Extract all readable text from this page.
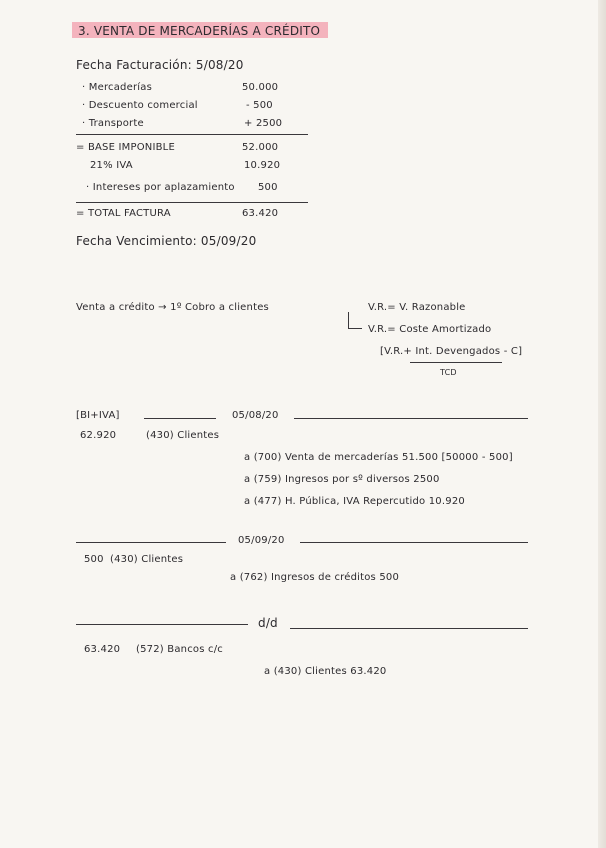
3. VENTA DE MERCADERÍAS A CRÉDITO
Fecha Facturación: 5/08/20
· Mercaderías	50.000
· Descuento comercial	- 500
· Transporte	+ 2500
= BASE IMPONIBLE	52.000
21% IVA	10.920
· Intereses por aplazamiento 500
= TOTAL FACTURA	63.420
Fecha Vencimiento: 05/09/20
Venta a crédito → 1º Cobro a clientes	V.R.= V. Razonable
V.R.= Coste Amortizado
[V.R.+ Int. Devengados - C]
TCD
[BI+IVA]	05/08/20
62.920	(430) Clientes
a (700) Venta de mercaderías 51.500 [50000 - 500]
a (759) Ingresos por sº diversos 2500
a (477) H. Pública, IVA Repercutido 10.920
05/09/20
500 (430) Clientes
a (762) Ingresos de créditos 500
d/d
63.420 (572) Bancos c/c
a (430) Clientes 63.420
